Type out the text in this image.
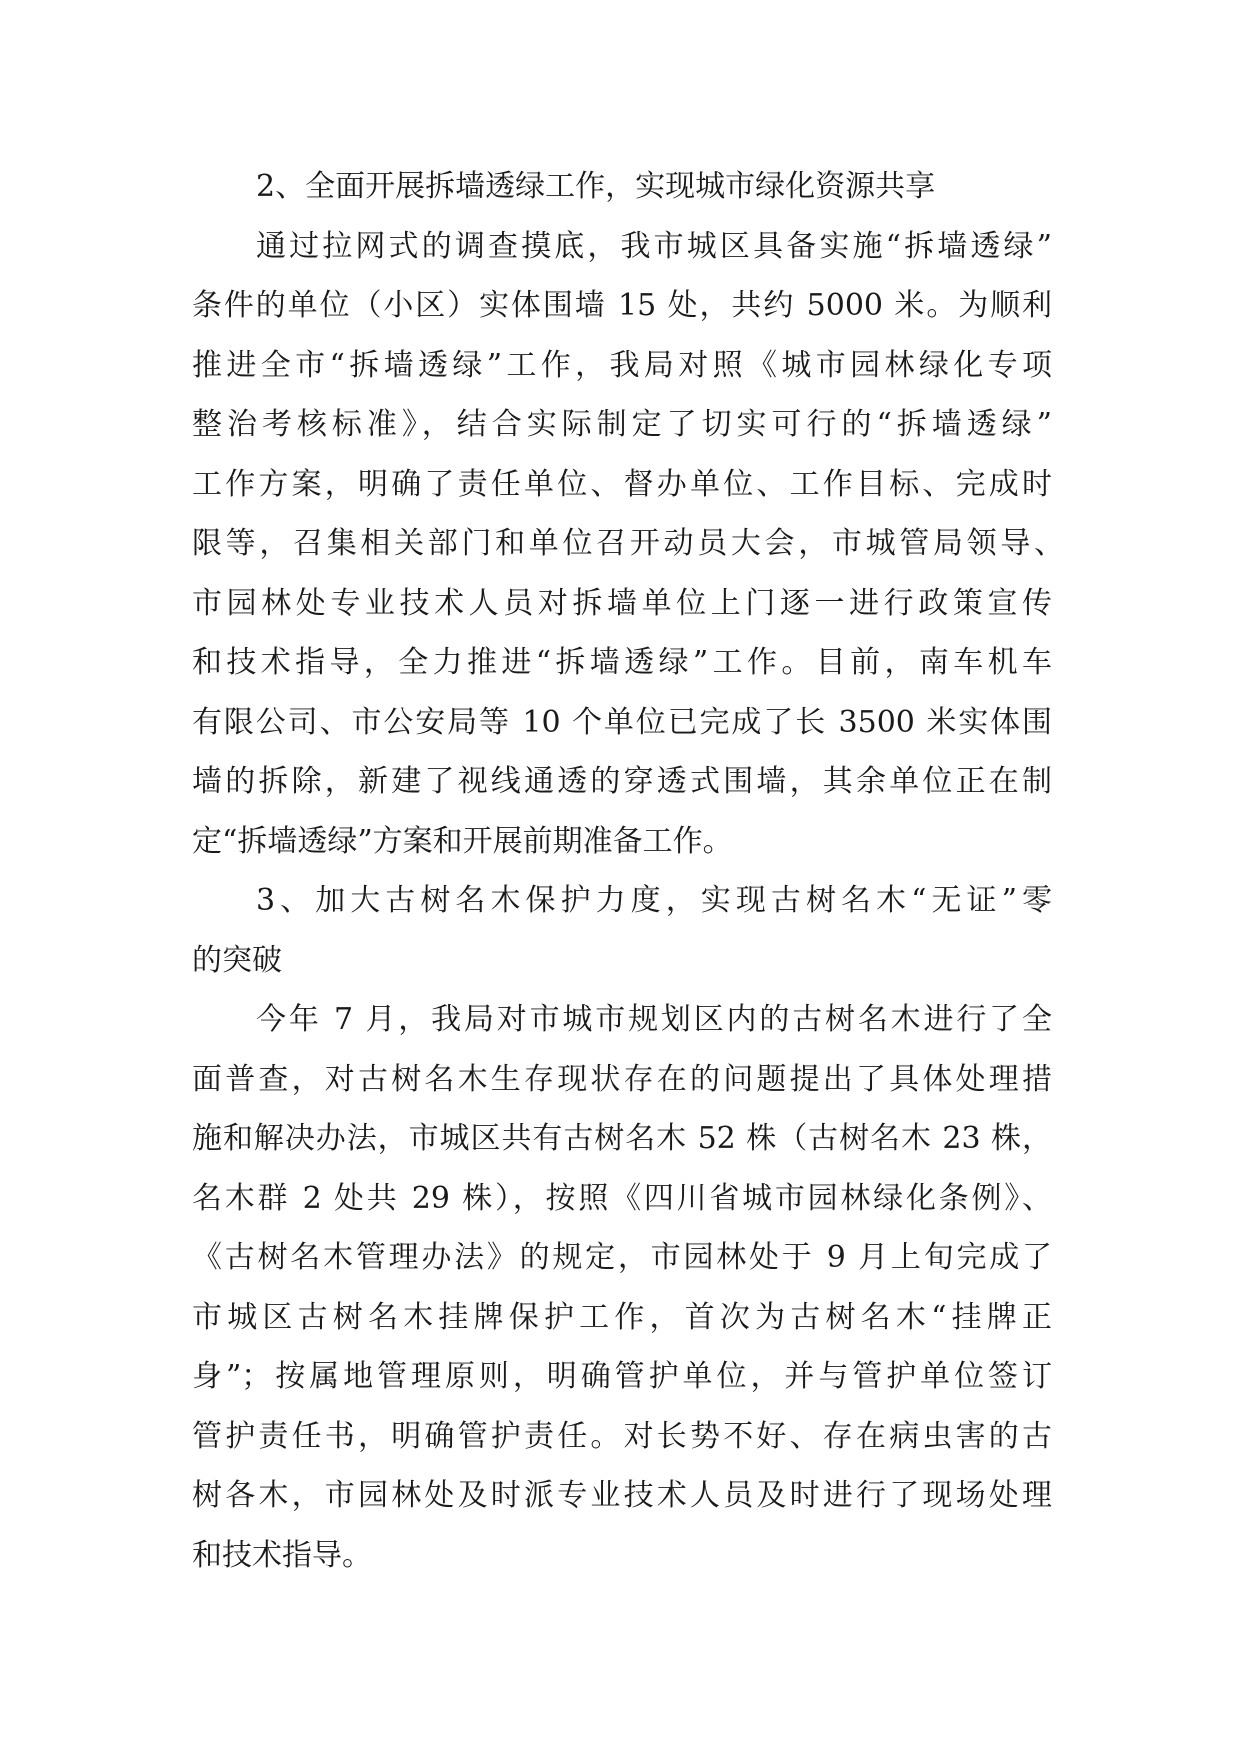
2、全面开展拆墙透绿工作，实现城市绿化资源共享
通过拉网式的调查摸底，我市城区具备实施“拆墙透绿”
条件的单位（小区）实体围墙 15 处，共约 5000 米。为顺利
推进全市“拆墙透绿”工作，我局对照《城市园林绿化专项
整治考核标准》，结合实际制定了切实可行的“拆墙透绿”
工作方案，明确了责任单位、督办单位、工作目标、完成时
限等，召集相关部门和单位召开动员大会，市城管局领导、
市园林处专业技术人员对拆墙单位上门逐一进行政策宣传
和技术指导，全力推进“拆墙透绿”工作。目前，南车机车
有限公司、市公安局等 10 个单位已完成了长 3500 米实体围
墙的拆除，新建了视线通透的穿透式围墙，其余单位正在制
定“拆墙透绿”方案和开展前期准备工作。
3、加大古树名木保护力度，实现古树名木“无证”零
的突破
今年 7 月，我局对市城市规划区内的古树名木进行了全
面普查，对古树名木生存现状存在的问题提出了具体处理措
施和解决办法，市城区共有古树名木 52 株（古树名木 23 株，
名木群 2 处共 29 株），按照《四川省城市园林绿化条例》、
《古树名木管理办法》的规定，市园林处于 9 月上旬完成了
市城区古树名木挂牌保护工作，首次为古树名木“挂牌正
身”；按属地管理原则，明确管护单位，并与管护单位签订
管护责任书，明确管护责任。对长势不好、存在病虫害的古
树各木，市园林处及时派专业技术人员及时进行了现场处理
和技术指导。
